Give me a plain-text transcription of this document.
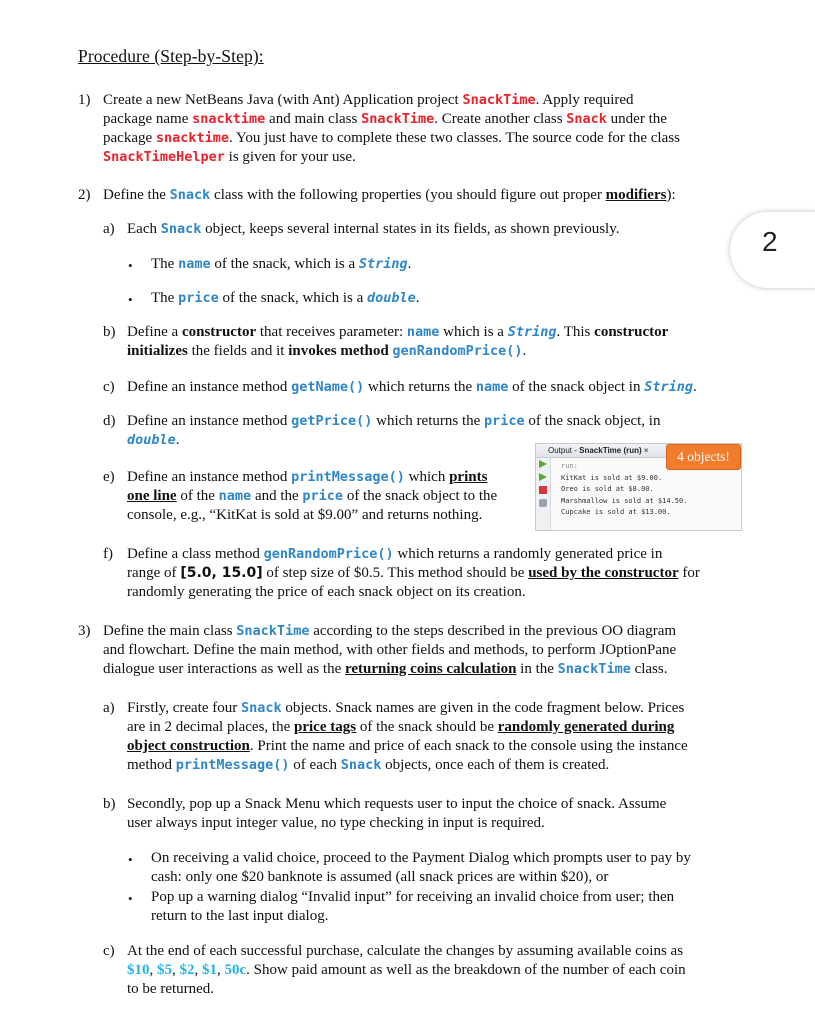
Procedure (Step-by-Step):
2
1) Create a new NetBeans Java (with Ant) Application project SnackTime. Apply required
package name snacktime and main class SnackTime. Create another class Snack under the
package snacktime. You just have to complete these two classes. The source code for the class
SnackTimeHelper is given for your use.
2) Define the Snack class with the following properties (you should figure out proper modifiers):
a) Each Snack object, keeps several internal states in its fields, as shown previously.
• The name of the snack, which is a String.
• The price of the snack, which is a double.
b) Define a constructor that receives parameter: name which is a String. This constructor
initializes the fields and it invokes method genRandomPrice().
c) Define an instance method getName() which returns the name of the snack object in String.
d) Define an instance method getPrice() which returns the price of the snack object, in
double.
e) Define an instance method printMessage() which prints
one line of the name and the price of the snack object to the
console, e.g., “KitKat is sold at $9.00” and returns nothing.
Output - SnackTime (run) ×
run:
KitKat is sold at $9.00.
Oreo is sold at $8.00.
Marshmallow is sold at $14.50.
Cupcake is sold at $13.00.
4 objects!
f) Define a class method genRandomPrice() which returns a randomly generated price in
range of [5.0, 15.0] of step size of $0.5. This method should be used by the constructor for
randomly generating the price of each snack object on its creation.
3) Define the main class SnackTime according to the steps described in the previous OO diagram
and flowchart. Define the main method, with other fields and methods, to perform JOptionPane
dialogue user interactions as well as the returning coins calculation in the SnackTime class.
a) Firstly, create four Snack objects. Snack names are given in the code fragment below. Prices
are in 2 decimal places, the price tags of the snack should be randomly generated during
object construction. Print the name and price of each snack to the console using the instance
method printMessage() of each Snack objects, once each of them is created.
b) Secondly, pop up a Snack Menu which requests user to input the choice of snack. Assume
user always input integer value, no type checking in input is required.
• On receiving a valid choice, proceed to the Payment Dialog which prompts user to pay by
cash: only one $20 banknote is assumed (all snack prices are within $20), or
• Pop up a warning dialog “Invalid input” for receiving an invalid choice from user; then
return to the last input dialog.
c) At the end of each successful purchase, calculate the changes by assuming available coins as
$10, $5, $2, $1, 50c. Show paid amount as well as the breakdown of the number of each coin
to be returned.
